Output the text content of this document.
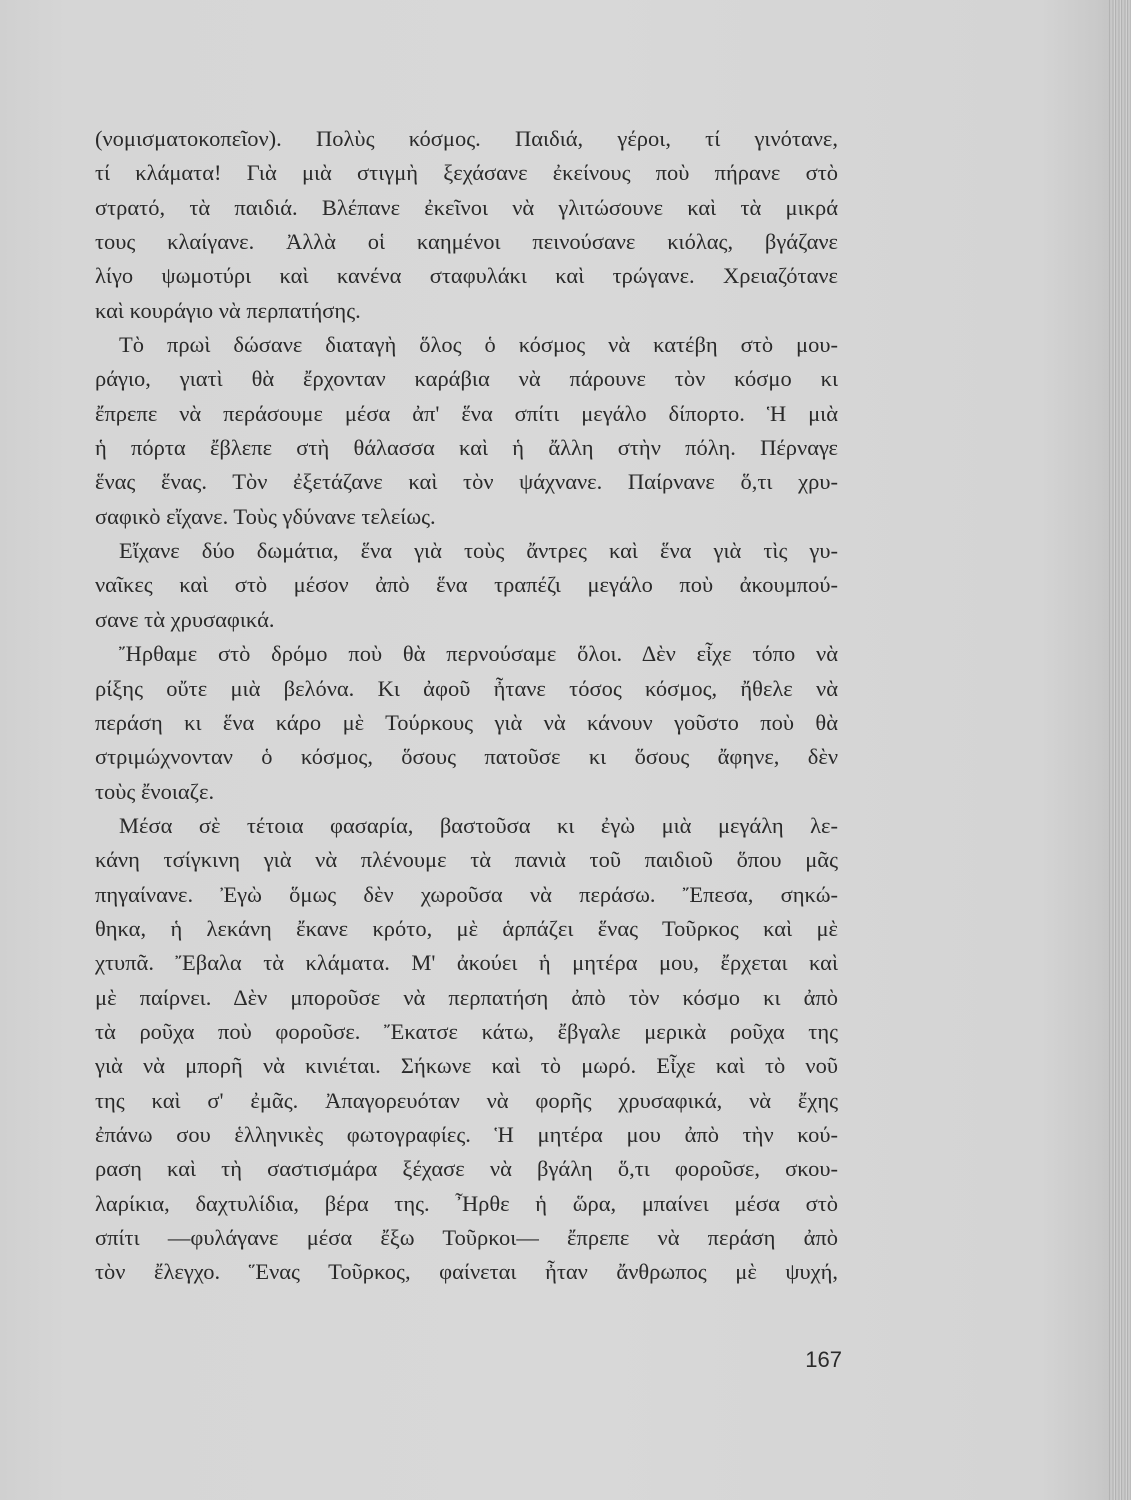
(νομισματοκοπεῖον). Πολὺς κόσμος. Παιδιά, γέροι, τί γινότανε,
τί κλάματα! Γιὰ μιὰ στιγμὴ ξεχάσανε ἐκείνους ποὺ πήρανε στὸ
στρατό, τὰ παιδιά. Βλέπανε ἐκεῖνοι νὰ γλιτώσουνε καὶ τὰ μικρά
τους κλαίγανε. Ἀλλὰ οἱ καημένοι πεινούσανε κιόλας, βγάζανε
λίγο ψωμοτύρι καὶ κανένα σταφυλάκι καὶ τρώγανε. Χρειαζότανε
καὶ κουράγιο νὰ περπατήσης.
Τὸ πρωὶ δώσανε διαταγὴ ὅλος ὁ κόσμος νὰ κατέβη στὸ μου-
ράγιο, γιατὶ θὰ ἔρχονταν καράβια νὰ πάρουνε τὸν κόσμο κι
ἔπρεπε νὰ περάσουμε μέσα ἀπ' ἕνα σπίτι μεγάλο δίπορτο. Ἡ μιὰ
ἡ πόρτα ἔβλεπε στὴ θάλασσα καὶ ἡ ἄλλη στὴν πόλη. Πέρναγε
ἕνας ἕνας. Τὸν ἐξετάζανε καὶ τὸν ψάχνανε. Παίρνανε ὅ,τι χρυ-
σαφικὸ εἴχανε. Τοὺς γδύνανε τελείως.
Εἴχανε δύο δωμάτια, ἕνα γιὰ τοὺς ἄντρες καὶ ἕνα γιὰ τὶς γυ-
ναῖκες καὶ στὸ μέσον ἀπὸ ἕνα τραπέζι μεγάλο ποὺ ἀκουμπού-
σανε τὰ χρυσαφικά.
Ἤρθαμε στὸ δρόμο ποὺ θὰ περνούσαμε ὅλοι. Δὲν εἶχε τόπο νὰ
ρίξης οὔτε μιὰ βελόνα. Κι ἀφοῦ ἦτανε τόσος κόσμος, ἤθελε νὰ
περάση κι ἕνα κάρο μὲ Τούρκους γιὰ νὰ κάνουν γοῦστο ποὺ θὰ
στριμώχνονταν ὁ κόσμος, ὅσους πατοῦσε κι ὅσους ἄφηνε, δὲν
τοὺς ἔνοιαζε.
Μέσα σὲ τέτοια φασαρία, βαστοῦσα κι ἐγὼ μιὰ μεγάλη λε-
κάνη τσίγκινη γιὰ νὰ πλένουμε τὰ πανιὰ τοῦ παιδιοῦ ὅπου μᾶς
πηγαίνανε. Ἐγὼ ὅμως δὲν χωροῦσα νὰ περάσω. Ἔπεσα, σηκώ-
θηκα, ἡ λεκάνη ἔκανε κρότο, μὲ ἁρπάζει ἕνας Τοῦρκος καὶ μὲ
χτυπᾶ. Ἔβαλα τὰ κλάματα. Μ' ἀκούει ἡ μητέρα μου, ἔρχεται καὶ
μὲ παίρνει. Δὲν μποροῦσε νὰ περπατήση ἀπὸ τὸν κόσμο κι ἀπὸ
τὰ ροῦχα ποὺ φοροῦσε. Ἔκατσε κάτω, ἔβγαλε μερικὰ ροῦχα της
γιὰ νὰ μπορῆ νὰ κινιέται. Σήκωνε καὶ τὸ μωρό. Εἶχε καὶ τὸ νοῦ
της καὶ σ' ἐμᾶς. Ἀπαγορευόταν νὰ φορῆς χρυσαφικά, νὰ ἔχης
ἐπάνω σου ἑλληνικὲς φωτογραφίες. Ἡ μητέρα μου ἀπὸ τὴν κού-
ραση καὶ τὴ σαστισμάρα ξέχασε νὰ βγάλη ὅ,τι φοροῦσε, σκου-
λαρίκια, δαχτυλίδια, βέρα της. Ἦρθε ἡ ὥρα, μπαίνει μέσα στὸ
σπίτι —φυλάγανε μέσα ἔξω Τοῦρκοι— ἔπρεπε νὰ περάση ἀπὸ
τὸν ἔλεγχο. Ἕνας Τοῦρκος, φαίνεται ἦταν ἄνθρωπος μὲ ψυχή,
167
